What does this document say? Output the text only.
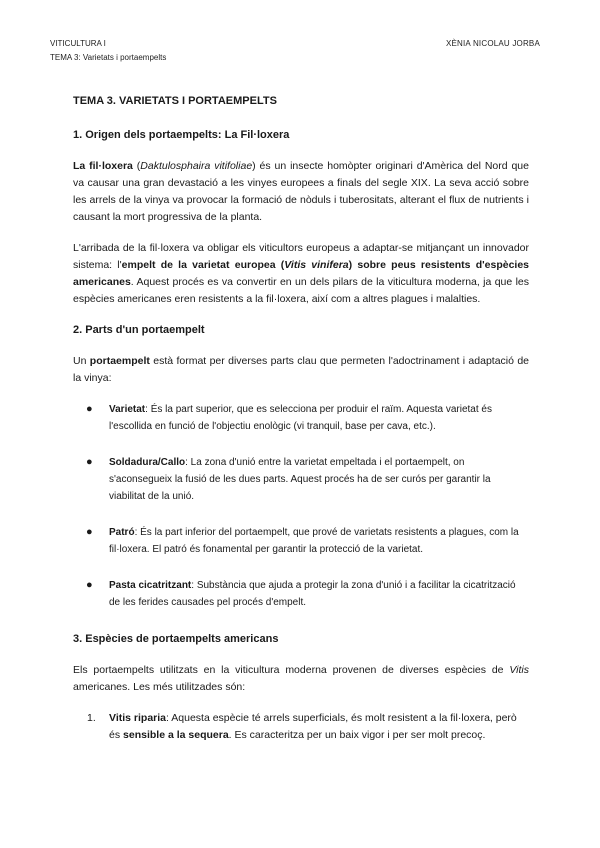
VITICULTURA I
TEMA 3: Varietats i portaempelts
XÈNIA NICOLAU JORBA
TEMA 3. VARIETATS I PORTAEMPELTS
1. Origen dels portaempelts: La Fil·loxera

La fil·loxera (Daktulosphaira vitifoliae) és un insecte homòpter originari d'Amèrica del Nord que va causar una gran devastació a les vinyes europees a finals del segle XIX. La seva acció sobre les arrels de la vinya va provocar la formació de nòduls i tuberositats, alterant el flux de nutrients i causant la mort progressiva de la planta.

L'arribada de la fil·loxera va obligar els viticultors europeus a adaptar-se mitjançant un innovador sistema: l'empelt de la varietat europea (Vitis vinifera) sobre peus resistents d'espècies americanes. Aquest procés es va convertir en un dels pilars de la viticultura moderna, ja que les espècies americanes eren resistents a la fil·loxera, així com a altres plagues i malalties.

2. Parts d'un portaempelt

Un portaempelt està format per diverses parts clau que permeten l'adoctrinament i adaptació de la vinya:

● Varietat: És la part superior, que es selecciona per produir el raïm. Aquesta varietat és l'escollida en funció de l'objectiu enològic (vi tranquil, base per cava, etc.).
● Soldadura/Callo: La zona d'unió entre la varietat empeltada i el portaempelt, on s'aconsegueix la fusió de les dues parts. Aquest procés ha de ser curós per garantir la viabilitat de la unió.
● Patró: És la part inferior del portaempelt, que prové de varietats resistents a plagues, com la fil·loxera. El patró és fonamental per garantir la protecció de la varietat.
● Pasta cicatritzant: Substància que ajuda a protegir la zona d'unió i a facilitar la cicatrització de les ferides causades pel procés d'empelt.
3. Espècies de portaempelts americans

Els portaempelts utilitzats en la viticultura moderna provenen de diverses espècies de Vitis americanes. Les més utilitzades són:

1. Vitis riparia: Aquesta espècie té arrels superficials, és molt resistent a la fil·loxera, però és sensible a la sequera. Es caracteritza per un baix vigor i per ser molt precoç.
